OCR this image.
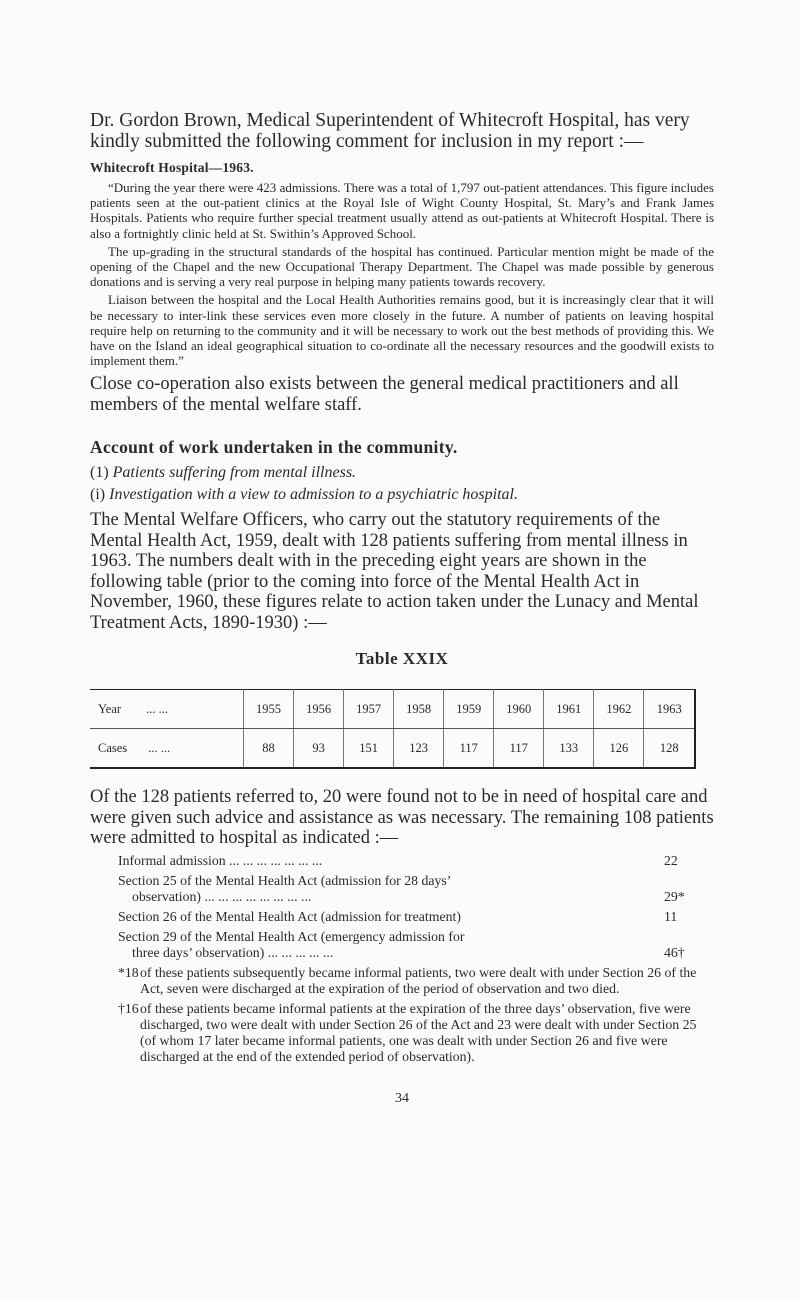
Dr. Gordon Brown, Medical Superintendent of Whitecroft Hospital, has very kindly submitted the following comment for inclusion in my report :—

Whitecroft Hospital—1963.

“During the year there were 423 admissions. There was a total of 1,797 out-patient attendances. This figure includes patients seen at the out-patient clinics at the Royal Isle of Wight County Hospital, St. Mary’s and Frank James Hospitals. Patients who require further special treatment usually attend as out-patients at Whitecroft Hospital. There is also a fortnightly clinic held at St. Swithin’s Approved School.

The up-grading in the structural standards of the hospital has continued. Particular mention might be made of the opening of the Chapel and the new Occupational Therapy Department. The Chapel was made possible by generous donations and is serving a very real purpose in helping many patients towards recovery.

Liaison between the hospital and the Local Health Authorities remains good, but it is increasingly clear that it will be necessary to inter-link these services even more closely in the future. A number of patients on leaving hospital require help on returning to the community and it will be necessary to work out the best methods of providing this. We have on the Island an ideal geographical situation to co-ordinate all the necessary resources and the goodwill exists to implement them.”

Close co-operation also exists between the general medical practitioners and all members of the mental welfare staff.

Account of work undertaken in the community.

(1) Patients suffering from mental illness.
(i) Investigation with a view to admission to a psychiatric hospital.

The Mental Welfare Officers, who carry out the statutory requirements of the Mental Health Act, 1959, dealt with 128 patients suffering from mental illness in 1963. The numbers dealt with in the preceding eight years are shown in the following table (prior to the coming into force of the Mental Health Act in November, 1960, these figures relate to action taken under the Lunacy and Mental Treatment Acts, 1890-1930) :—

Table XXIX

Year ... ...	1955	1956	1957	1958	1959	1960	1961	1962	1963
Cases ... ...	88	93	151	123	117	117	133	126	128

Of the 128 patients referred to, 20 were found not to be in need of hospital care and were given such advice and assistance as was necessary. The remaining 108 patients were admitted to hospital as indicated :—

Informal admission ... ... ... ... ... ... ...	22
Section 25 of the Mental Health Act (admission for 28 days’
observation) ... ... ... ... ... ... ... ...	29*
Section 26 of the Mental Health Act (admission for treatment)	11
Section 29 of the Mental Health Act (emergency admission for
three days’ observation) ... ... ... ... ...	46†
*18 of these patients subsequently became informal patients, two were dealt with under Section 26 of the Act, seven were discharged at the expiration of the period of observation and two died.
†16 of these patients became informal patients at the expiration of the three days’ observation, five were discharged, two were dealt with under Section 26 of the Act and 23 were dealt with under Section 25 (of whom 17 later became informal patients, one was dealt with under Section 26 and five were discharged at the end of the extended period of observation).
34
